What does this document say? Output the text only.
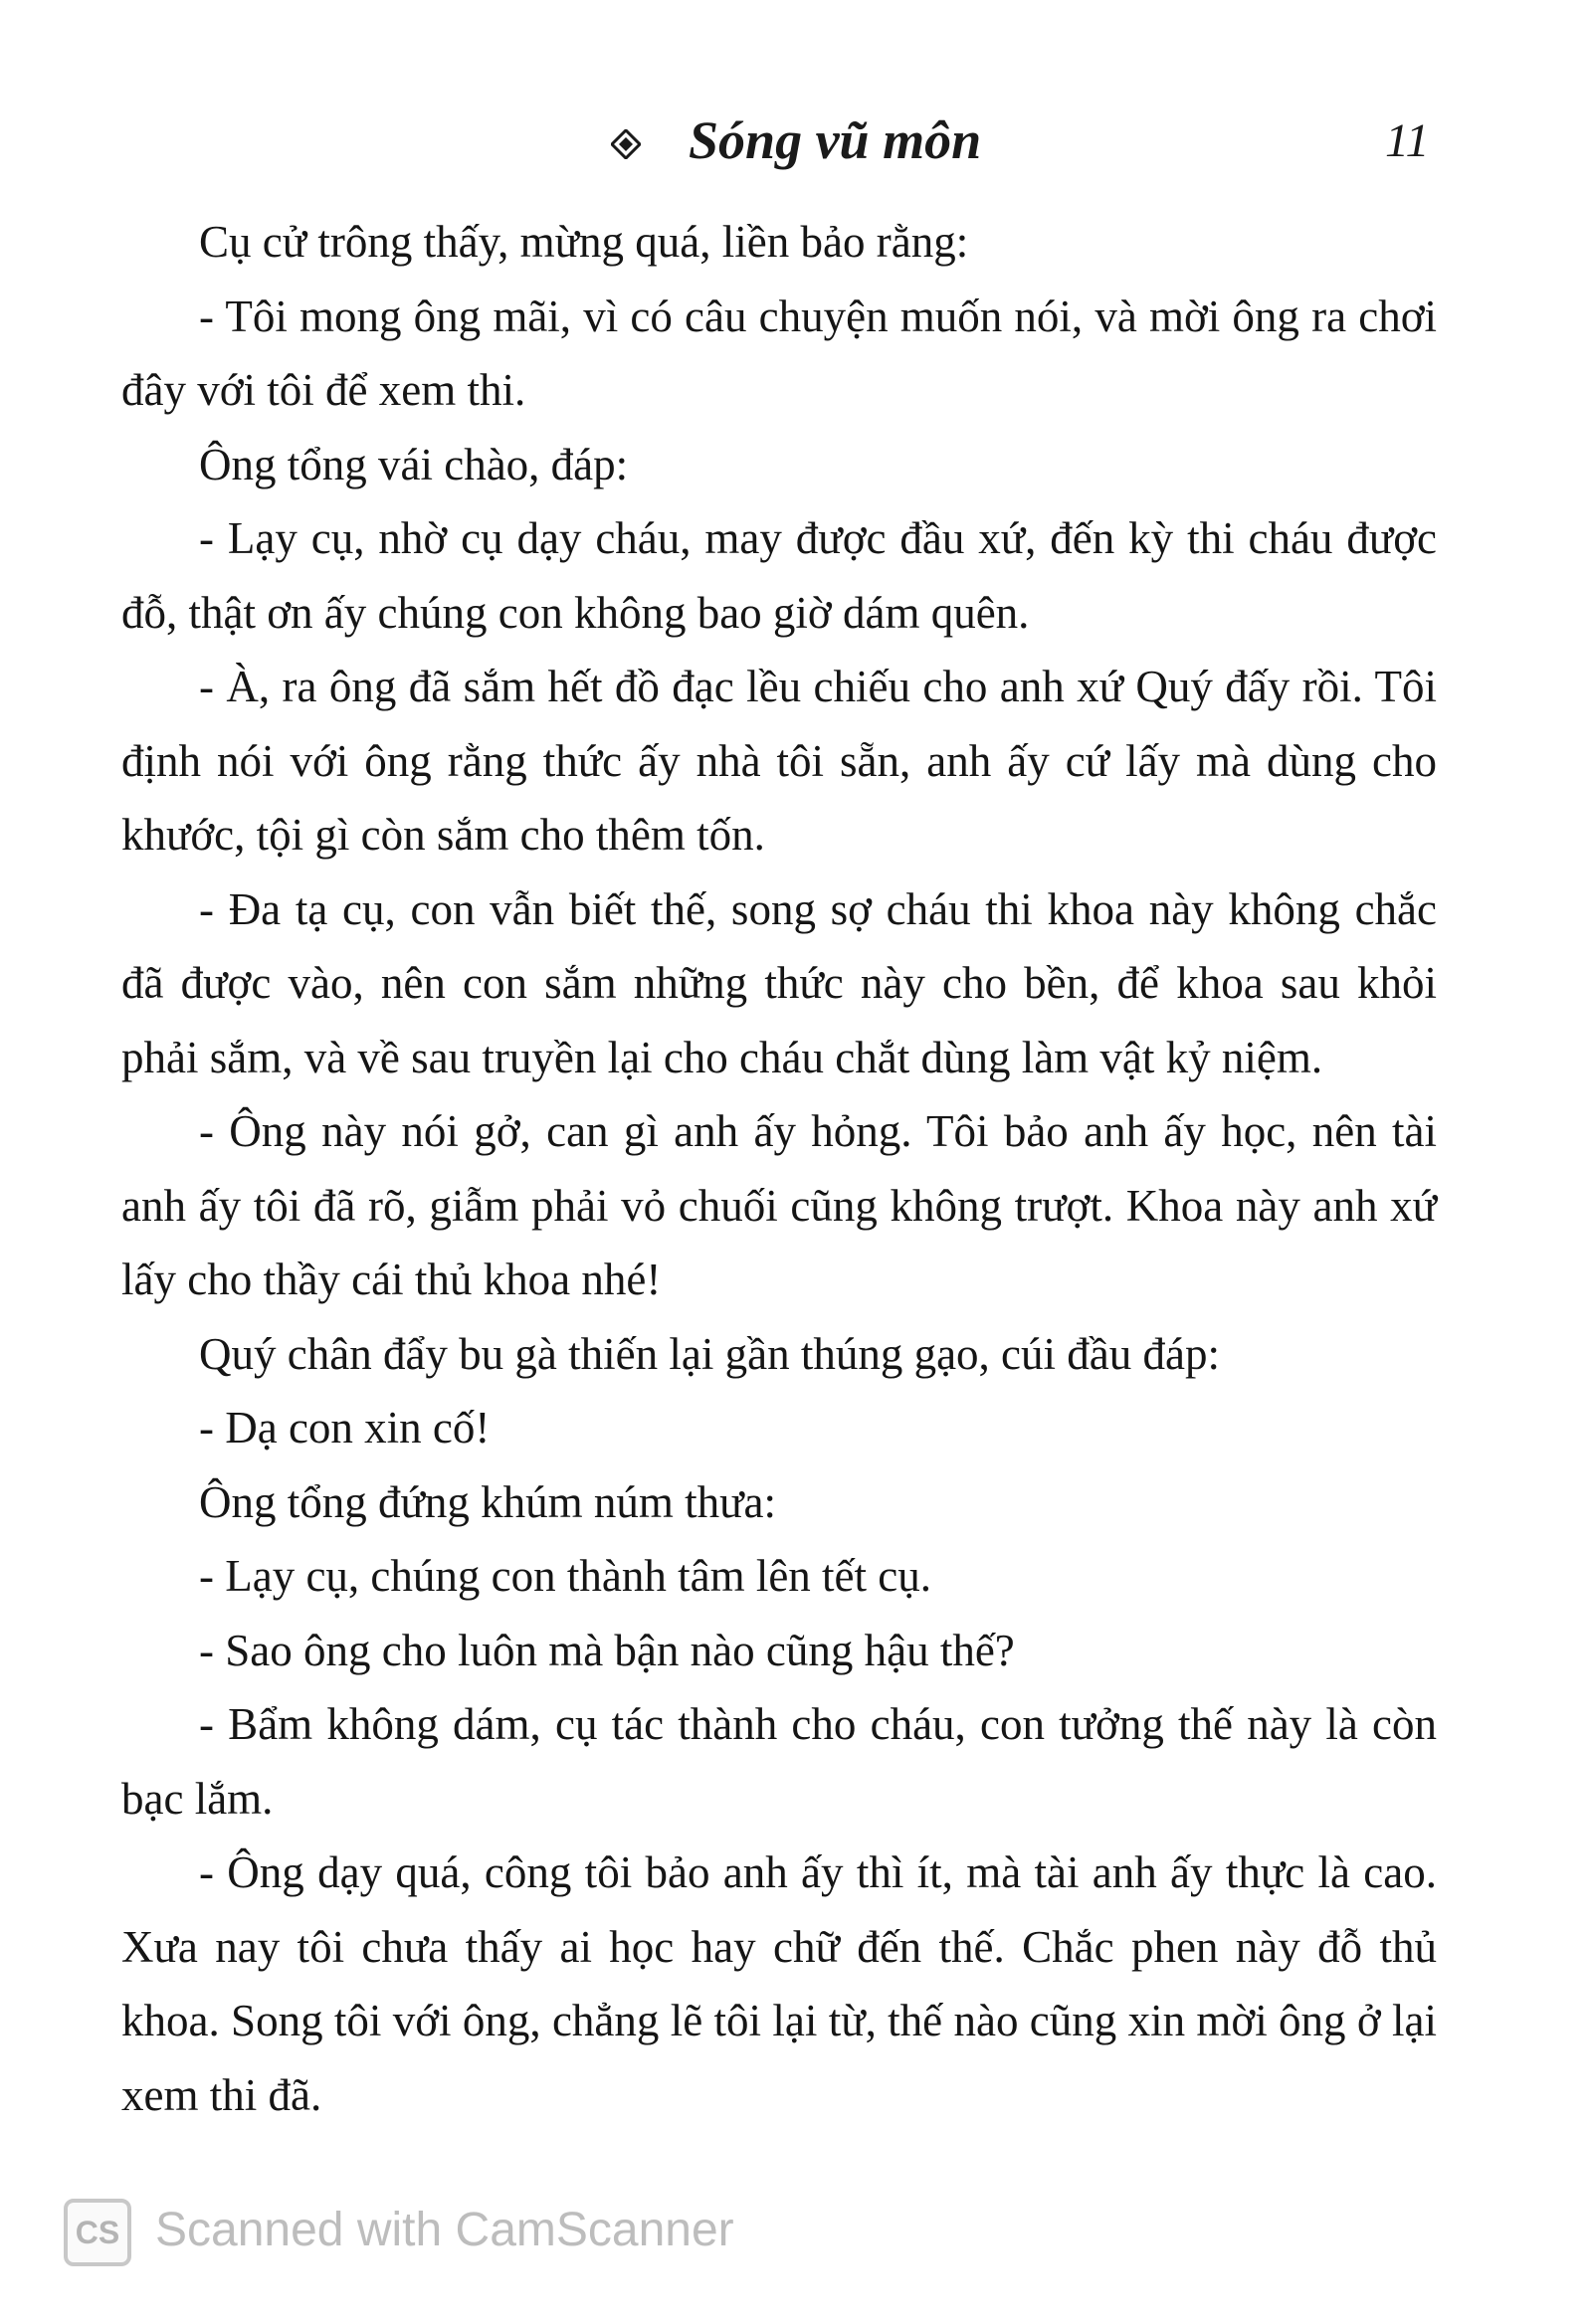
Sóng vũ môn	11

Cụ cử trông thấy, mừng quá, liền bảo rằng:

- Tôi mong ông mãi, vì có câu chuyện muốn nói, và mời ông ra chơi đây với tôi để xem thi.

Ông tổng vái chào, đáp:

- Lạy cụ, nhờ cụ dạy cháu, may được đầu xứ, đến kỳ thi cháu được đỗ, thật ơn ấy chúng con không bao giờ dám quên.

- À, ra ông đã sắm hết đồ đạc lều chiếu cho anh xứ Quý đấy rồi. Tôi định nói với ông rằng thức ấy nhà tôi sẵn, anh ấy cứ lấy mà dùng cho khước, tội gì còn sắm cho thêm tốn.

- Đa tạ cụ, con vẫn biết thế, song sợ cháu thi khoa này không chắc đã được vào, nên con sắm những thức này cho bền, để khoa sau khỏi phải sắm, và về sau truyền lại cho cháu chắt dùng làm vật kỷ niệm.

- Ông này nói gở, can gì anh ấy hỏng. Tôi bảo anh ấy học, nên tài anh ấy tôi đã rõ, giẫm phải vỏ chuối cũng không trượt. Khoa này anh xứ lấy cho thầy cái thủ khoa nhé!

Quý chân đẩy bu gà thiến lại gần thúng gạo, cúi đầu đáp:

- Dạ con xin cố!

Ông tổng đứng khúm núm thưa:

- Lạy cụ, chúng con thành tâm lên tết cụ.

- Sao ông cho luôn mà bận nào cũng hậu thế?

- Bẩm không dám, cụ tác thành cho cháu, con tưởng thế này là còn bạc lắm.

- Ông dạy quá, công tôi bảo anh ấy thì ít, mà tài anh ấy thực là cao. Xưa nay tôi chưa thấy ai học hay chữ đến thế. Chắc phen này đỗ thủ khoa. Song tôi với ông, chẳng lẽ tôi lại từ, thế nào cũng xin mời ông ở lại xem thi đã.

CS Scanned with CamScanner
